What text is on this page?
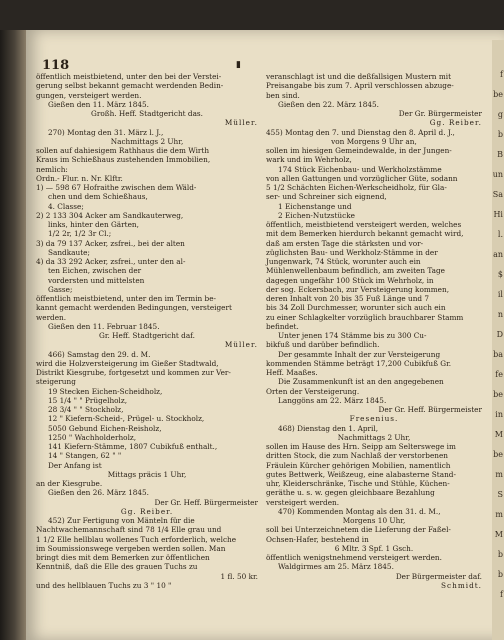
f
be
g
b
B
un
Sa
Hi
l.
an
$
il
n
D
ba
fe
be
in
M
be
m
S
m
M
b
b
f
118	▮
öffentlich meistbietend, unter den bei der Verstei-
gerung selbst bekannt gemacht werdenden Bedin-
gungen, versteigert werden.
Gießen den 11. März 1845.
Großh. Heff. Stadtgericht das.
Müller.
270) Montag den 31. März l. J.,
Nachmittags 2 Uhr,
sollen auf dahiesigem Rathhaus die dem Wirth
Kraus im Schießhaus zustehenden Immobilien,
nemlich:
Ordn.- Flur. n. Nr. Klftr.
1) — 598 67 Hofraithe zwischen dem Wäld-
chen und dem Schießhaus,
4. Classe;
2) 2 133 304 Acker am Sandkauterweg,
links, hinter den Gärten,
1/2 2r, 1/2 3r Cl.;
3) da 79 137 Acker, zsfrei., bei der alten
Sandkaute;
4) da 33 292 Acker, zsfrei., unter den al-
ten Eichen, zwischen der
vordersten und mittelsten
Gasse;
öffentlich meistbietend, unter den im Termin be-
kannt gemacht werdenden Bedingungen, versteigert
werden.
Gießen den 11. Februar 1845.
Gr. Heff. Stadtgericht daf.
Müller.
466) Samstag den 29. d. M.
wird die Holzversteigerung im Gießer Stadtwald,
Distrikt Kiesgrube, fortgesetzt und kommen zur Ver-
steigerung
19 Stecken Eichen-Scheidholz,
15 1/4 " " Prügelholz,
28 3/4 " " Stockholz,
12 " Kiefern-Scheid-, Prügel- u. Stockholz,
5050 Gebund Eichen-Reisholz,
1250 " Wachholderholz,
141 Kiefern-Stämme, 1807 Cubikfuß enthalt.,
14 " Stangen, 62 " "
Der Anfang ist
Mittags präcis 1 Uhr,
an der Kiesgrube.
Gießen den 26. März 1845.
Der Gr. Heff. Bürgermeister
Gg. Reiber.
452) Zur Fertigung von Mänteln für die
Nachtwachemannschaft sind 78 1/4 Elle grau und
1 1/2 Elle hellblau wollenes Tuch erforderlich, welche
im Soumissionswege vergeben werden sollen. Man
bringt dies mit dem Bemerken zur öffentlichen
Kenntniß, daß die Elle des grauen Tuchs zu
1 fl. 50 kr.
und des hellblauen Tuchs zu 3 " 10 "
veranschlagt ist und die deßfallsigen Mustern mit
Preisangabe bis zum 7. April verschlossen abzuge-
ben sind.
Gießen den 22. März 1845.
Der Gr. Bürgermeister
Gg. Reiber.
455) Montag den 7. und Dienstag den 8. April d. J.,
von Morgens 9 Uhr an,
sollen im hiesigen Gemeindewalde, in der Jungen-
wark und im Wehrholz,
174 Stück Eichenbau- und Werkholzstämme
von allen Gattungen und vorzüglicher Güte, sodann
5 1/2 Schächten Eichen-Werkscheidholz, für Gla-
ser- und Schreiner sich eignend,
1 Eichenstange und
2 Eichen-Nutzstücke
öffentlich, meistbietend versteigert werden, welches
mit dem Bemerken hierdurch bekannt gemacht wird,
daß am ersten Tage die stärksten und vor-
züglichsten Bau- und Werkholz-Stämme in der
Jungenwark, 74 Stück, worunter auch ein
Mühlenwellenbaum befindlich, am zweiten Tage
dagegen ungefähr 100 Stück im Wehrholz, in
der sog. Eckersbach, zur Versteigerung kommen,
deren Inhalt von 20 bis 35 Fuß Länge und 7
bis 34 Zoll Durchmesser, worunter sich auch ein
zu einer Schlagkelter vorzüglich brauchbarer Stamm
befindet.
Unter jenen 174 Stämme bis zu 300 Cu-
bikfuß und darüber befindlich.
Der gesammte Inhalt der zur Versteigerung
kommenden Stämme beträgt 17,200 Cubikfuß Gr.
Heff. Maaßes.
Die Zusammenkunft ist an den angegebenen
Orten der Versteigerung.
Langgöns am 22. März 1845.
Der Gr. Heff. Bürgermeister
Fresenius.
468) Dienstag den 1. April,
Nachmittags 2 Uhr,
sollen im Hause des Hrn. Seipp am Selterswege im
dritten Stock, die zum Nachlaß der verstorbenen
Fräulein Kürcher gehörigen Mobilien, namentlich
gutes Bettwerk, Weißzeug, eine alabasterne Stand-
uhr, Kleiderschränke, Tische und Stühle, Küchen-
geräthe u. s. w. gegen gleichbaare Bezahlung
versteigert werden.
470) Kommenden Montag als den 31. d. M.,
Morgens 10 Uhr,
soll bei Unterzeichnetem die Lieferung der Faßel-
Ochsen-Hafer, bestehend in
6 Mltr. 3 Spf. 1 Gsch.
öffentlich wenigstnehmend versteigert werden.
Waldgirmes am 25. März 1845.
Der Bürgermeister daf.
Schmidt.
